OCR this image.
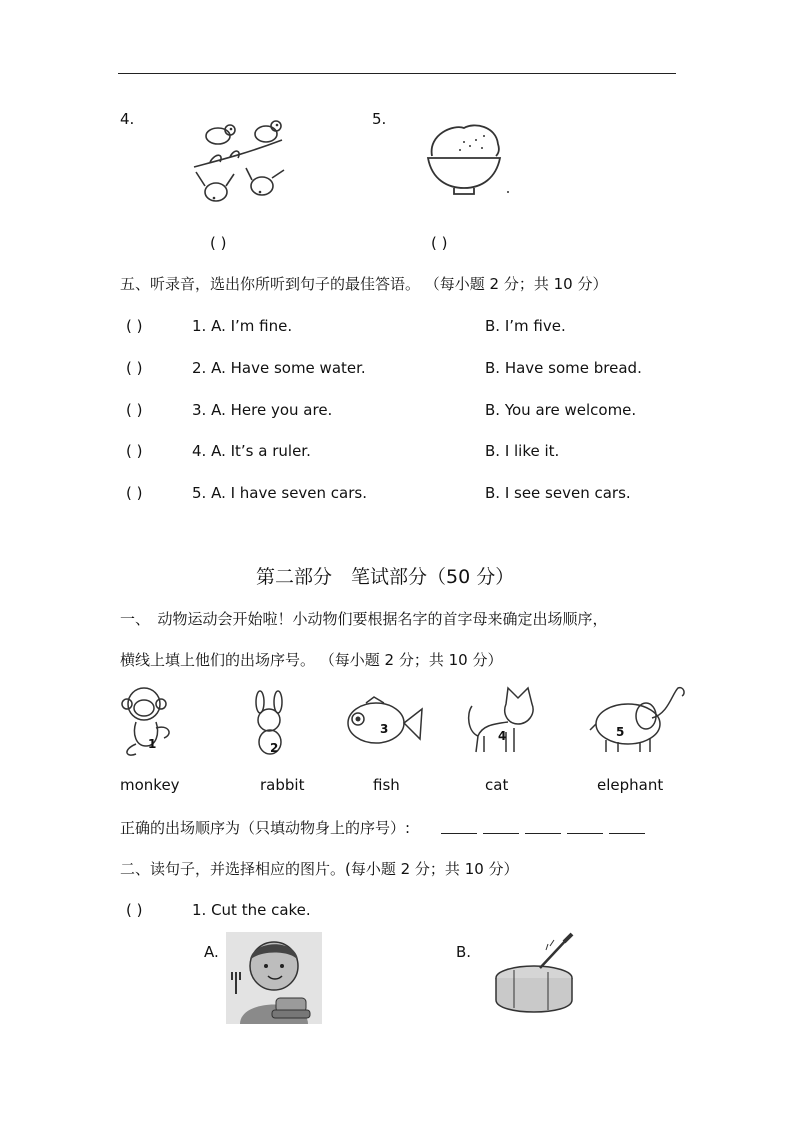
4.
( )
5.
( )
五、听录音，选出你所听到句子的最佳答语。 （每小题 2 分；共 10 分）
( )	1. A. I’m fine.	B. I’m five.
( )	2. A. Have some water.	B. Have some bread.
( )	3. A. Here you are.	B. You are welcome.
( )	4. A. It’s a ruler.	B. I like it.
( )	5. A. I have seven cars.	B. I see seven cars.
第二部分　笔试部分（50 分）
一、　动物运动会开始啦！小动物们要根据名字的首字母来确定出场顺序，
横线上填上他们的出场序号。 （每小题 2 分；共 10 分）
1	2
3	4	5
monkey	rabbit	fish	cat	elephant
正确的出场顺序为（只填动物身上的序号）:
二、读句子，并选择相应的图片。(每小题 2 分；共 10 分）
( )	1. Cut the cake.
A.	B.
